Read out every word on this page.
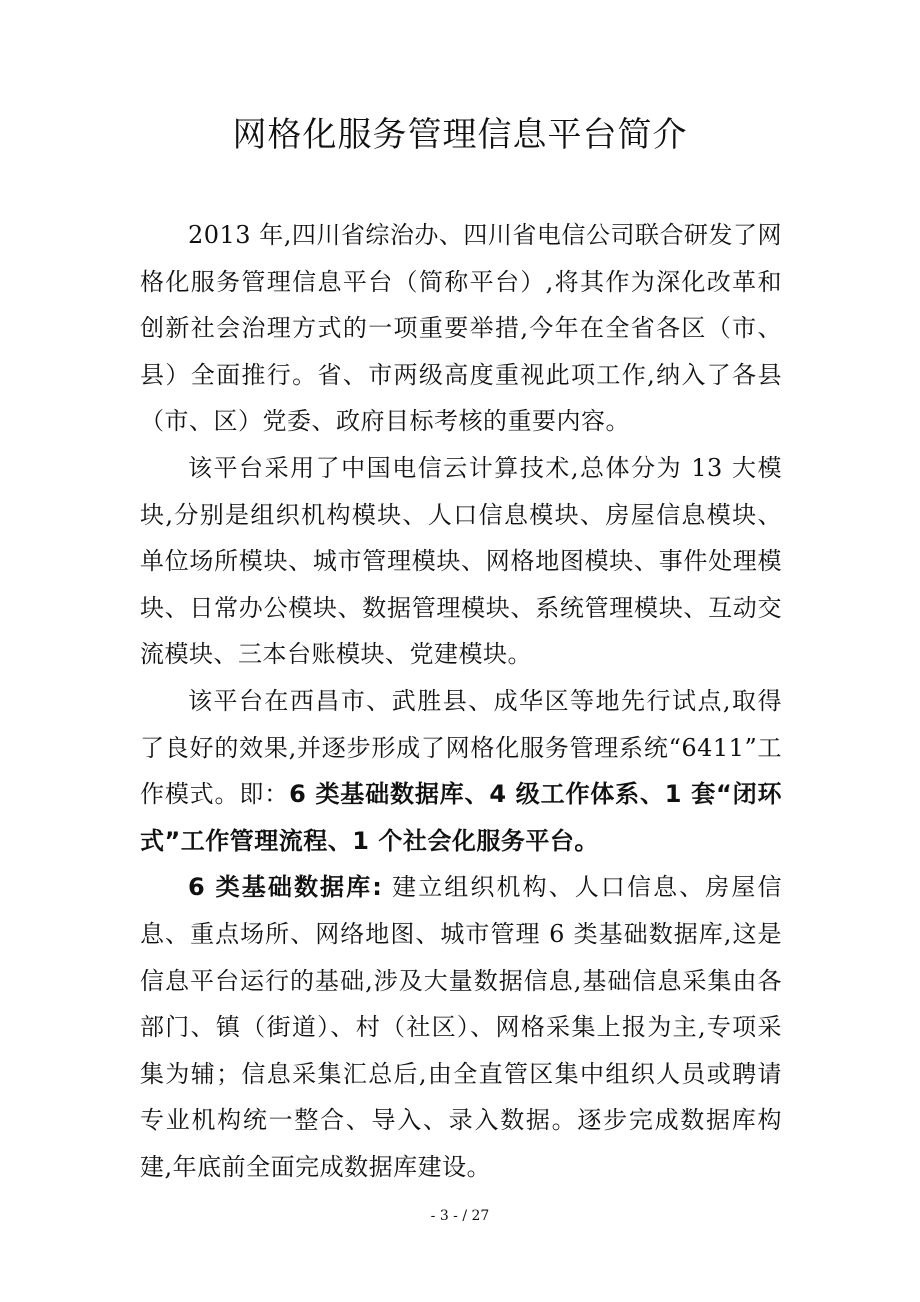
网格化服务管理信息平台简介

2013 年,四川省综治办、四川省电信公司联合研发了网格化服务管理信息平台（简称平台）,将其作为深化改革和创新社会治理方式的一项重要举措,今年在全省各区（市、县）全面推行。省、市两级高度重视此项工作,纳入了各县（市、区）党委、政府目标考核的重要内容。

该平台采用了中国电信云计算技术,总体分为 13 大模块,分别是组织机构模块、人口信息模块、房屋信息模块、单位场所模块、城市管理模块、网格地图模块、事件处理模块、日常办公模块、数据管理模块、系统管理模块、互动交流模块、三本台账模块、党建模块。

该平台在西昌市、武胜县、成华区等地先行试点,取得了良好的效果,并逐步形成了网格化服务管理系统“6411”工作模式。即：6 类基础数据库、4 级工作体系、1 套“闭环式”工作管理流程、1 个社会化服务平台。

6 类基础数据库: 建立组织机构、人口信息、房屋信息、重点场所、网络地图、城市管理 6 类基础数据库,这是信息平台运行的基础,涉及大量数据信息,基础信息采集由各部门、镇（街道）、村（社区）、网格采集上报为主,专项采集为辅；信息采集汇总后,由全直管区集中组织人员或聘请专业机构统一整合、导入、录入数据。逐步完成数据库构建,年底前全面完成数据库建设。

- 3 - / 27
